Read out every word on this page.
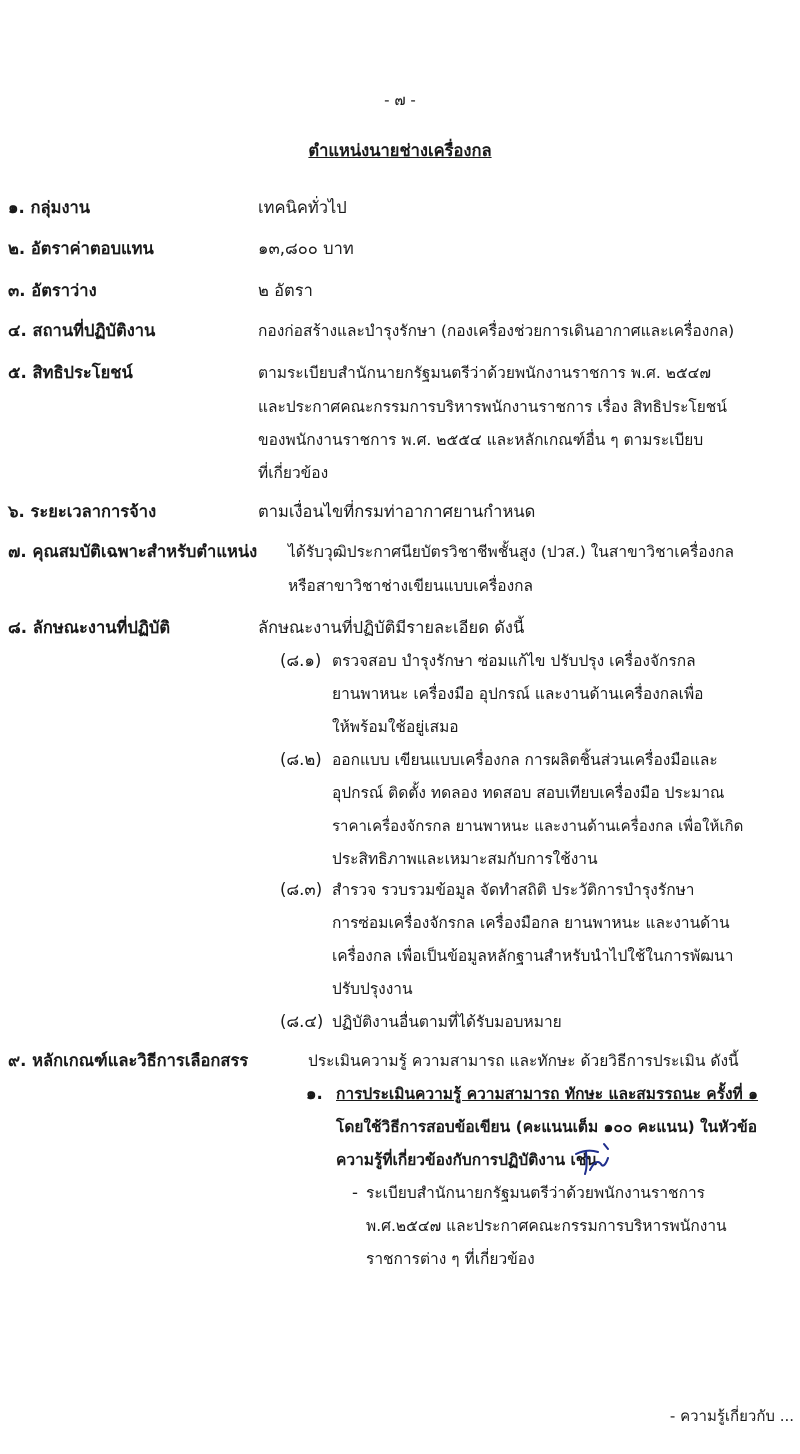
- ๗ -
ตำแหน่งนายช่างเครื่องกล
๑. กลุ่มงาน	เทคนิคทั่วไป
๒. อัตราค่าตอบแทน	๑๓,๘๐๐ บาท
๓. อัตราว่าง	๒ อัตรา
๔. สถานที่ปฏิบัติงาน	กองก่อสร้างและบำรุงรักษา (กองเครื่องช่วยการเดินอากาศและเครื่องกล)
๕. สิทธิประโยชน์	ตามระเบียบสำนักนายกรัฐมนตรีว่าด้วยพนักงานราชการ พ.ศ. ๒๕๔๗
และประกาศคณะกรรมการบริหารพนักงานราชการ เรื่อง สิทธิประโยชน์
ของพนักงานราชการ พ.ศ. ๒๕๕๔ และหลักเกณฑ์อื่น ๆ ตามระเบียบ
ที่เกี่ยวข้อง
๖. ระยะเวลาการจ้าง	ตามเงื่อนไขที่กรมท่าอากาศยานกำหนด
๗. คุณสมบัติเฉพาะสำหรับตำแหน่ง ได้รับวุฒิประกาศนียบัตรวิชาชีพชั้นสูง (ปวส.) ในสาขาวิชาเครื่องกล
หรือสาขาวิชาช่างเขียนแบบเครื่องกล
๘. ลักษณะงานที่ปฏิบัติ	ลักษณะงานที่ปฏิบัติมีรายละเอียด ดังนี้
(๘.๑) ตรวจสอบ บำรุงรักษา ซ่อมแก้ไข ปรับปรุง เครื่องจักรกล
ยานพาหนะ เครื่องมือ อุปกรณ์ และงานด้านเครื่องกลเพื่อ
ให้พร้อมใช้อยู่เสมอ
(๘.๒) ออกแบบ เขียนแบบเครื่องกล การผลิตชิ้นส่วนเครื่องมือและ
อุปกรณ์ ติดตั้ง ทดลอง ทดสอบ สอบเทียบเครื่องมือ ประมาณ
ราคาเครื่องจักรกล ยานพาหนะ และงานด้านเครื่องกล เพื่อให้เกิด
ประสิทธิภาพและเหมาะสมกับการใช้งาน
(๘.๓) สำรวจ รวบรวมข้อมูล จัดทำสถิติ ประวัติการบำรุงรักษา
การซ่อมเครื่องจักรกล เครื่องมือกล ยานพาหนะ และงานด้าน
เครื่องกล เพื่อเป็นข้อมูลหลักฐานสำหรับนำไปใช้ในการพัฒนา
ปรับปรุงงาน
(๘.๔) ปฏิบัติงานอื่นตามที่ได้รับมอบหมาย
๙. หลักเกณฑ์และวิธีการเลือกสรร	ประเมินความรู้ ความสามารถ และทักษะ ด้วยวิธีการประเมิน ดังนี้
๑. การประเมินความรู้ ความสามารถ ทักษะ และสมรรถนะ ครั้งที่ ๑
โดยใช้วิธีการสอบข้อเขียน (คะแนนเต็ม ๑๐๐ คะแนน) ในหัวข้อ
ความรู้ที่เกี่ยวข้องกับการปฏิบัติงาน เช่น
- ระเบียบสำนักนายกรัฐมนตรีว่าด้วยพนักงานราชการ
พ.ศ.๒๕๔๗ และประกาศคณะกรรมการบริหารพนักงาน
ราชการต่าง ๆ ที่เกี่ยวข้อง
- ความรู้เกี่ยวกับ ...
